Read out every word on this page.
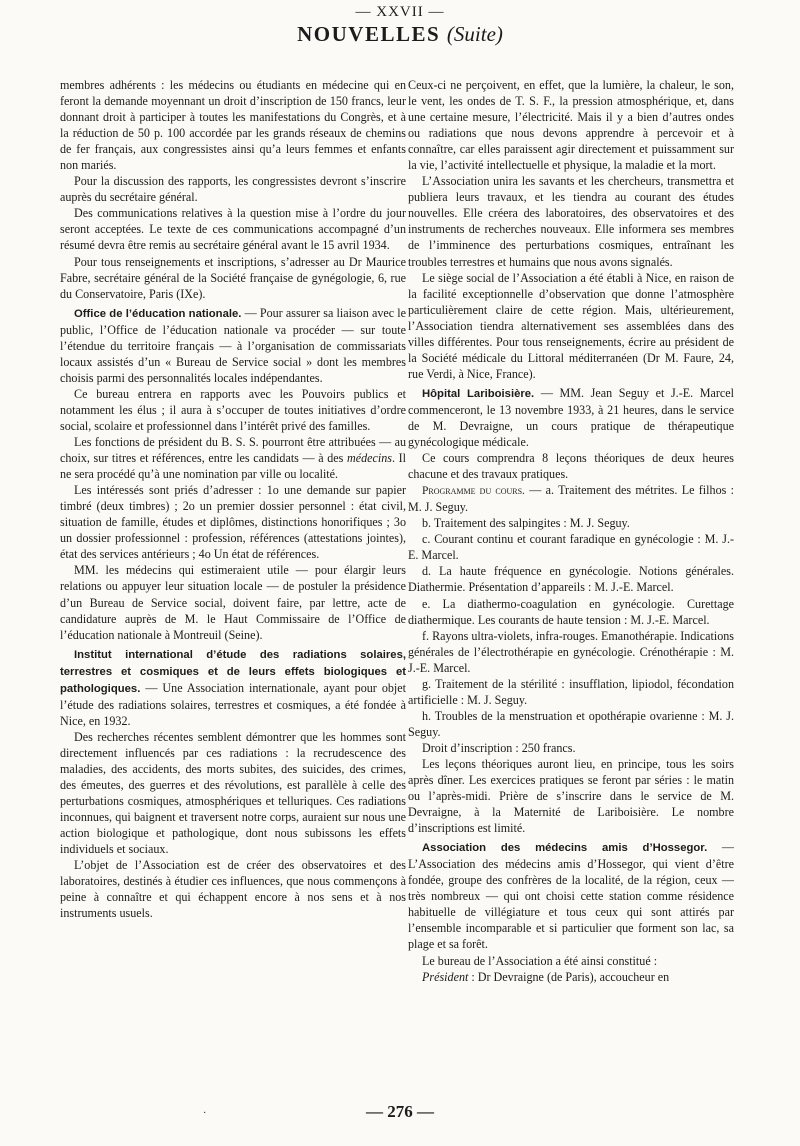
— XXVII —
NOUVELLES (Suite)

membres adhérents : les médecins ou étudiants en médecine qui en feront la demande moyennant un droit d’inscription de 150 francs, leur donnant droit à participer à toutes les manifestations du Congrès, et à la réduction de 50 p. 100 accordée par les grands réseaux de chemins de fer français, aux congressistes ainsi qu’a leurs femmes et enfants non mariés.

Pour la discussion des rapports, les congressistes devront s’inscrire auprès du secrétaire général.

Des communications relatives à la question mise à l’ordre du jour seront acceptées. Le texte de ces communications accompagné d’un résumé devra être remis au secrétaire général avant le 15 avril 1934.

Pour tous renseignements et inscriptions, s’adresser au Dr Maurice Fabre, secrétaire général de la Société française de gynégologie, 6, rue du Conservatoire, Paris (IXe).

Office de l’éducation nationale. — Pour assurer sa liaison avec le public, l’Office de l’éducation nationale va procéder — sur toute l’étendue du territoire français — à l’organisation de commissariats locaux assistés d’un « Bureau de Service social » dont les membres choisis parmi des personnalités locales indépendantes.

Ce bureau entrera en rapports avec les Pouvoirs publics et notamment les élus ; il aura à s’occuper de toutes initiatives d’ordre social, scolaire et professionnel dans l’intérêt privé des familles.

Les fonctions de président du B. S. S. pourront être attribuées — au choix, sur titres et références, entre les candidats — à des médecins. Il ne sera procédé qu’à une nomination par ville ou localité.

Les intéressés sont priés d’adresser : 1o une demande sur papier timbré (deux timbres) ; 2o un premier dossier personnel : état civil, situation de famille, études et diplômes, distinctions honorifiques ; 3o un dossier professionnel : profession, références (attestations jointes), état des services antérieurs ; 4o Un état de références.

MM. les médecins qui estimeraient utile — pour élargir leurs relations ou appuyer leur situation locale — de postuler la présidence d’un Bureau de Service social, doivent faire, par lettre, acte de candidature auprès de M. le Haut Commissaire de l’Office de l’éducation nationale à Montreuil (Seine).

Institut international d’étude des radiations solaires, terrestres et cosmiques et de leurs effets biologiques et pathologiques. — Une Association internationale, ayant pour objet l’étude des radiations solaires, terrestres et cosmiques, a été fondée à Nice, en 1932.

Des recherches récentes semblent démontrer que les hommes sont directement influencés par ces radiations : la recrudescence des maladies, des accidents, des morts subites, des suicides, des crimes, des émeutes, des guerres et des révolutions, est parallèle à celle des perturbations cosmiques, atmosphériques et telluriques. Ces radiations inconnues, qui baignent et traversent notre corps, auraient sur nous une action biologique et pathologique, dont nous subissons les effets individuels et sociaux.

L’objet de l’Association est de créer des observatoires et des laboratoires, destinés à étudier ces influences, que nous commençons à peine à connaître et qui échappent encore à nos sens et à nos instruments usuels.

Ceux-ci ne perçoivent, en effet, que la lumière, la chaleur, le son, le vent, les ondes de T. S. F., la pression atmosphérique, et, dans une certaine mesure, l’électricité. Mais il y a bien d’autres ondes ou radiations que nous devons apprendre à percevoir et à connaître, car elles paraissent agir directement et puissamment sur la vie, l’activité intellectuelle et physique, la maladie et la mort.

L’Association unira les savants et les chercheurs, transmettra et publiera leurs travaux, et les tiendra au courant des études nouvelles. Elle créera des laboratoires, des observatoires et des instruments de recherches nouveaux. Elle informera ses membres de l’imminence des perturbations cosmiques, entraînant les troubles terrestres et humains que nous avons signalés.

Le siège social de l’Association a été établi à Nice, en raison de la facilité exceptionnelle d’observation que donne l’atmosphère particulièrement claire de cette région. Mais, ultérieurement, l’Association tiendra alternativement ses assemblées dans des villes différentes. Pour tous renseignements, écrire au président de la Société médicale du Littoral méditerranéen (Dr M. Faure, 24, rue Verdi, à Nice, France).

Hôpital Lariboisière. — MM. Jean Seguy et J.-E. Marcel commenceront, le 13 novembre 1933, à 21 heures, dans le service de M. Devraigne, un cours pratique de thérapeutique gynécologique médicale.

Ce cours comprendra 8 leçons théoriques de deux heures chacune et des travaux pratiques.

Programme du cours. — a. Traitement des métrites. Le filhos : M. J. Seguy.

b. Traitement des salpingites : M. J. Seguy.

c. Courant continu et courant faradique en gynécologie : M. J.-E. Marcel.

d. La haute fréquence en gynécologie. Notions générales. Diathermie. Présentation d’appareils : M. J.-E. Marcel.

e. La diathermo-coagulation en gynécologie. Curettage diathermique. Les courants de haute tension : M. J.-E. Marcel.

f. Rayons ultra-violets, infra-rouges. Emanothérapie. Indications générales de l’électrothérapie en gynécologie. Crénothérapie : M. J.-E. Marcel.

g. Traitement de la stérilité : insufflation, lipiodol, fécondation artificielle : M. J. Seguy.

h. Troubles de la menstruation et opothérapie ovarienne : M. J. Seguy.

Droit d’inscription : 250 francs.

Les leçons théoriques auront lieu, en principe, tous les soirs après dîner. Les exercices pratiques se feront par séries : le matin ou l’après-midi. Prière de s’inscrire dans le service de M. Devraigne, à la Maternité de Lariboisière. Le nombre d’inscriptions est limité.

Association des médecins amis d’Hossegor. — L’Association des médecins amis d’Hossegor, qui vient d’être fondée, groupe des confrères de la localité, de la région, ceux — très nombreux — qui ont choisi cette station comme résidence habituelle de villégiature et tous ceux qui sont attirés par l’ensemble incomparable et si particulier que forment son lac, sa plage et sa forêt.

Le bureau de l’Association a été ainsi constitué :

Président : Dr Devraigne (de Paris), accoucheur en

·	— 276 —
